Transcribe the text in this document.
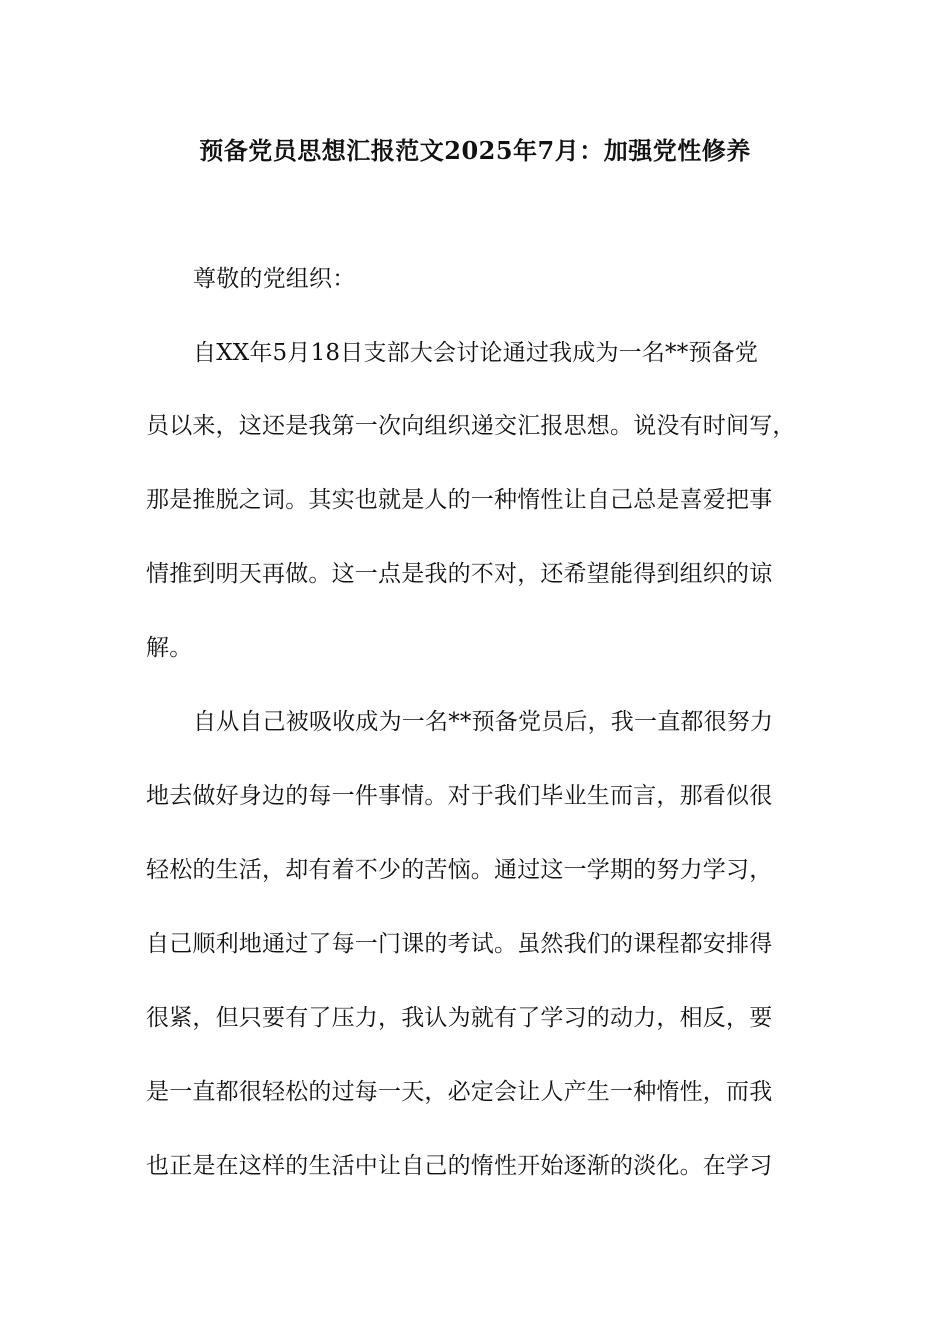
预备党员思想汇报范文2025年7月：加强党性修养
尊敬的党组织：
自XX年5月18日支部大会讨论通过我成为一名**预备党
员以来，这还是我第一次向组织递交汇报思想。说没有时间写，
那是推脱之词。其实也就是人的一种惰性让自己总是喜爱把事
情推到明天再做。这一点是我的不对，还希望能得到组织的谅
解。
自从自己被吸收成为一名**预备党员后，我一直都很努力
地去做好身边的每一件事情。对于我们毕业生而言，那看似很
轻松的生活，却有着不少的苦恼。通过这一学期的努力学习，
自己顺利地通过了每一门课的考试。虽然我们的课程都安排得
很紧，但只要有了压力，我认为就有了学习的动力，相反，要
是一直都很轻松的过每一天，必定会让人产生一种惰性，而我
也正是在这样的生活中让自己的惰性开始逐渐的淡化。在学习
